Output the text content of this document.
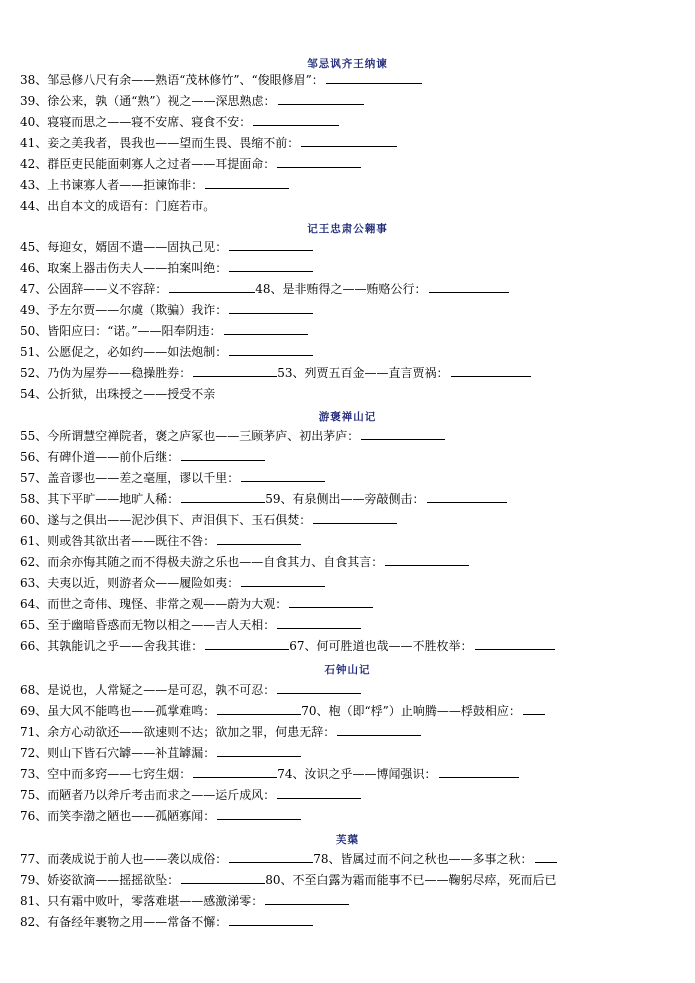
邹忌讽齐王纳谏
38、邹忌修八尺有余——熟语“茂林修竹”、“俊眼修眉”：
39、徐公来，孰（通“熟”）视之——深思熟虑：
40、寝寝而思之——寝不安席、寝食不安：
41、妾之美我者，畏我也——望而生畏、畏缩不前：
42、群臣吏民能面刺寡人之过者——耳提面命：
43、上书谏寡人者——拒谏饰非：
44、出自本文的成语有：门庭若市。
记王忠肃公翱事
45、每迎女，婿固不遣——固执己见：
46、取案上器击伤夫人——拍案叫绝：
47、公固辞——义不容辞：	48、是非贿得之——贿赂公行：
49、予左尔贾——尔虞（欺骗）我诈：
50、皆阳应曰：“诺。”——阳奉阴违：
51、公愿促之，必如约——如法炮制：
52、乃伪为屋券——稳操胜券：	53、列贾五百金——直言贾祸：
54、公折狱，出珠授之——授受不亲
游褒禅山记
55、今所谓慧空禅院者，褒之庐冢也——三顾茅庐、初出茅庐：
56、有碑仆道——前仆后继：
57、盖音谬也——差之毫厘，谬以千里：
58、其下平旷——地旷人稀：	59、有泉侧出——旁敲侧击：
60、遂与之俱出——泥沙俱下、声泪俱下、玉石俱焚：
61、则或咎其欲出者——既往不咎：
62、而余亦悔其随之而不得极夫游之乐也——自食其力、自食其言：
63、夫夷以近，则游者众——履险如夷：
64、而世之奇伟、瑰怪、非常之观——蔚为大观：
65、至于幽暗昏惑而无物以相之——吉人天相：
66、其孰能讥之乎——舍我其谁：	67、何可胜道也哉——不胜枚举：
石钟山记
68、是说也，人常疑之——是可忍，孰不可忍：
69、虽大风不能鸣也——孤掌难鸣：	70、枹（即“桴”）止响腾——桴鼓相应：
71、余方心动欲还——欲速则不达；欲加之罪，何患无辞：
72、则山下皆石穴罅——补苴罅漏：
73、空中而多窍——七窍生烟：	74、汝识之乎——博闻强识：
75、而陋者乃以斧斤考击而求之——运斤成风：
76、而笑李渤之陋也——孤陋寡闻：
芙蕖
77、而袭成说于前人也——袭以成俗：	78、皆属过而不问之秋也——多事之秋：
79、娇姿欲滴——摇摇欲坠：	80、不至白露为霜而能事不已——鞠躬尽瘁，死而后已
81、只有霜中败叶，零落难堪——感激涕零：
82、有备经年裹物之用——常备不懈：
